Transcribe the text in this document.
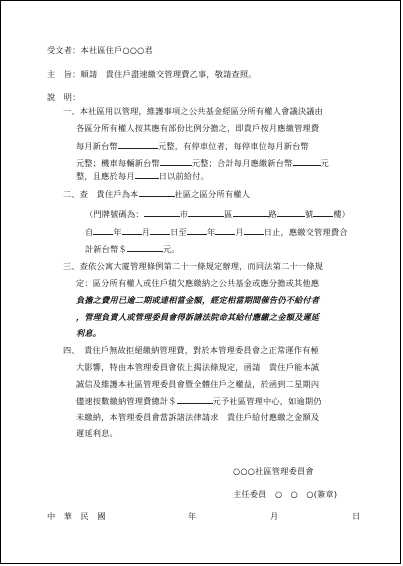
受文者：本社區住戶○○○君
主　旨：順請　貴住戶盡速繳交管理費乙事，敬請查照。
說　明：
一、本社區用以管理，維護事項之公共基金經區分所有權人會議決議由
各區分所有權人按其應有部份比例分擔之，即貴戶按月應繳管理費
每月新台幣	元整，有停車位者，每停車位每月新台幣
元整；機車每輛新台幣	元整；合計每月應繳新台幣	元
整，且應於每月	日以前給付。
二、查　貴住戶為本	社區之區分所有權人
（門牌號碼為：	市	區	路	號 樓）
自 年 月 日至 年 月 日止，應繳交管理費合
計新台幣＄	元。
三、查依公寓大廈管理條例第二十一條規定辦理，而同法第二十一條規
定：區分所有權人或住戶積欠應繳納之公共基金或應分擔或其他應
負擔之費用已逾二期或達相當金額，經定相當期間催告仍不給付者
，管理負責人或管理委員會得訴請法院命其給付應繳之金額及遲延
利息。
四、　貴住戶無故拒絕繳納管理費，對於本管理委員會之正常運作有極
大影響，特由本管理委員會依上揭法條規定，函請　貴住戶能本誠
誠信及維護本社區管理委員會暨全體住戶之權益，於函到二星期內
儘速按數繳納管理費總計＄	元予社區管理中心，如逾期仍
未繳納，本管理委員會當訴諸法律請求　貴住戶給付應繳之金額及
遲延利息。
○○○社區管理委員會
主任委員　○　○　○(簽章)
中　華　民　國	年	月	日
